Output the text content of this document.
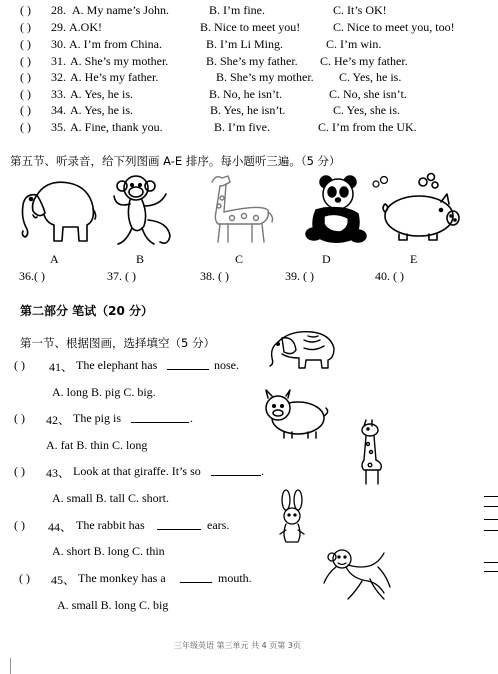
( ) 28. A. My name’s John.	B. I’m fine.	C. It’s OK!
( ) 29. A.OK!	B. Nice to meet you!	C. Nice to meet you, too!
( ) 30. A. I’m from China.	B. I’m Li Ming.	C. I’m win.
( ) 31. A. She’s my mother.	B. She’s my father. C. He’s my father.
( ) 32. A. He’s my father.	B. She’s my mother. C. Yes, he is.
( ) 33. A. Yes, he is.	B. No, he isn’t.	C. No, she isn’t.
( ) 34. A. Yes, he is.	B. Yes, he isn’t.	C. Yes, she is.
( ) 35. A. Fine, thank you.	B. I’m five.	C. I’m from the UK.
第五节、听录音，给下列图画 A-E 排序。每小题听三遍。（5 分）
A	B	C	D	E
36.( )	37. ( )	38. ( )	39. ( )	40. ( )
第二部分 笔试（20 分）
第一节、根据图画，选择填空（5 分）
( ) 41、 The elephant has	nose.
A. long B. pig C. big.
( ) 42、 The pig is	.
A. fat B. thin C. long
( ) 43、 Look at that giraffe. It’s so	.
A. small B. tall C. short.
( ) 44、 The rabbit has	ears.
A. short B. long C. thin
( ) 45、 The monkey has a	mouth.
A. small B. long C. big
三年级英语 第三单元 共 4 页第 3页
